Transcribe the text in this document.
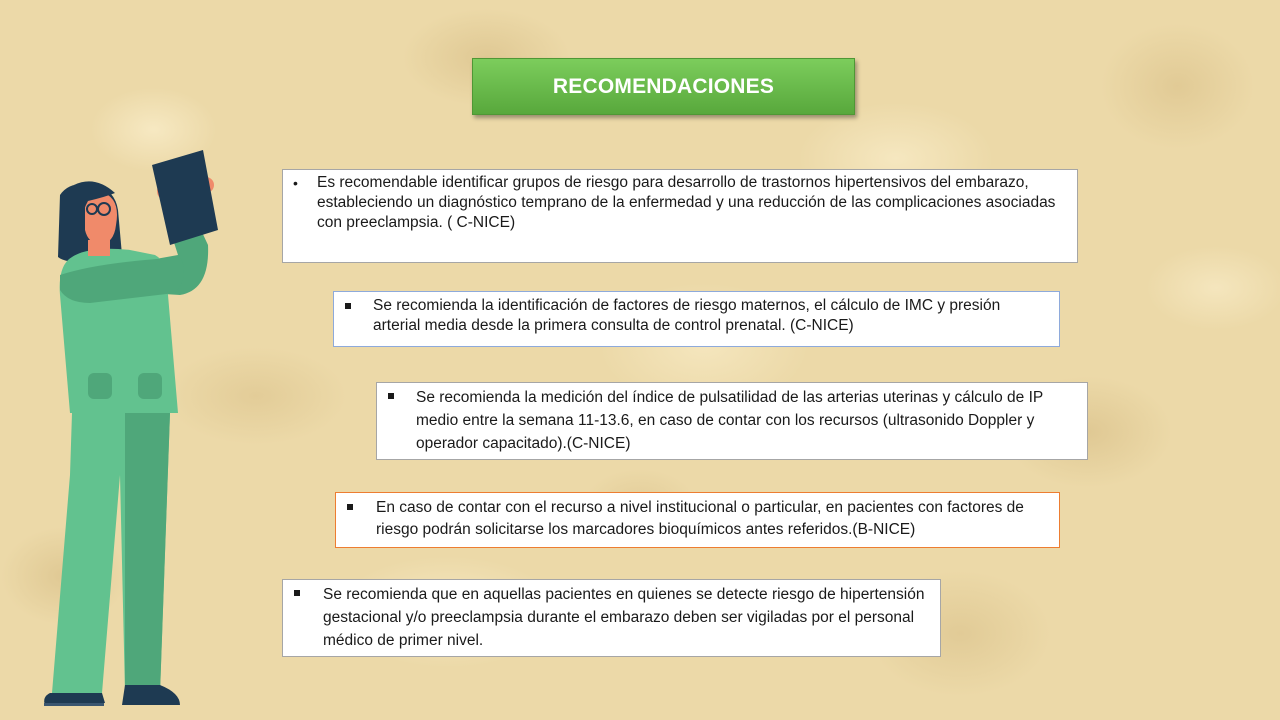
RECOMENDACIONES
•	Es recomendable identificar grupos de riesgo para desarrollo de trastornos hipertensivos del embarazo, estableciendo un diagnóstico temprano de la enfermedad y una reducción de las complicaciones asociadas con preeclampsia. ( C-NICE)
Se recomienda la identificación de factores de riesgo maternos, el cálculo de IMC y presión arterial media desde la primera consulta de control prenatal. (C-NICE)
Se recomienda la medición del índice de pulsatilidad de las arterias uterinas y cálculo de IP medio entre la semana 11-13.6, en caso de contar con los recursos (ultrasonido Doppler y operador capacitado).(C-NICE)
En caso de contar con el recurso a nivel institucional o particular, en pacientes con factores de riesgo podrán solicitarse los marcadores bioquímicos antes referidos.(B-NICE)
Se recomienda que en aquellas pacientes en quienes se detecte riesgo de hipertensión gestacional y/o preeclampsia durante el embarazo deben ser vigiladas por el personal médico de primer nivel.
